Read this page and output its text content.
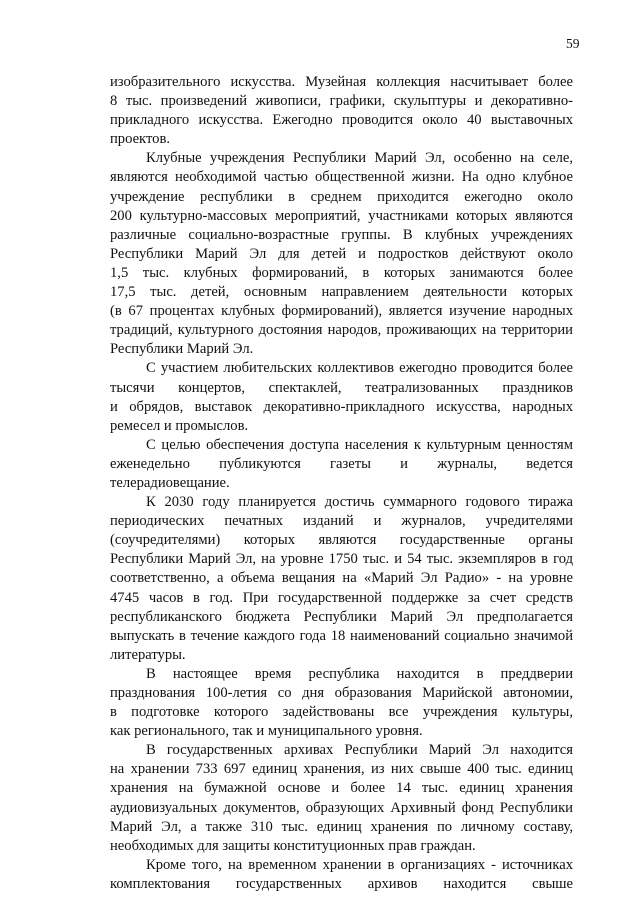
59
изобразительного искусства. Музейная коллекция насчитывает более
8 тыс. произведений живописи, графики, скульптуры и декоративно-
прикладного искусства. Ежегодно проводится около 40 выставочных
проектов.
Клубные учреждения Республики Марий Эл, особенно на селе,
являются необходимой частью общественной жизни. На одно клубное
учреждение республики в среднем приходится ежегодно около
200 культурно-массовых мероприятий, участниками которых являются
различные социально-возрастные группы. В клубных учреждениях
Республики Марий Эл для детей и подростков действуют около
1,5 тыс. клубных формирований, в которых занимаются более
17,5 тыс. детей, основным направлением деятельности которых
(в 67 процентах клубных формирований), является изучение народных
традиций, культурного достояния народов, проживающих на территории
Республики Марий Эл.
С участием любительских коллективов ежегодно проводится более
тысячи концертов, спектаклей, театрализованных праздников
и обрядов, выставок декоративно-прикладного искусства, народных
ремесел и промыслов.
С целью обеспечения доступа населения к культурным ценностям
еженедельно публикуются газеты и журналы, ведется
телерадиовещание.
К 2030 году планируется достичь суммарного годового тиража
периодических печатных изданий и журналов, учредителями
(соучредителями) которых являются государственные органы
Республики Марий Эл, на уровне 1750 тыс. и 54 тыс. экземпляров в год
соответственно, а объема вещания на «Марий Эл Радио» - на уровне
4745 часов в год. При государственной поддержке за счет средств
республиканского бюджета Республики Марий Эл предполагается
выпускать в течение каждого года 18 наименований социально значимой
литературы.
В настоящее время республика находится в преддверии
празднования 100-летия со дня образования Марийской автономии,
в подготовке которого задействованы все учреждения культуры,
как регионального, так и муниципального уровня.
В государственных архивах Республики Марий Эл находится
на хранении 733 697 единиц хранения, из них свыше 400 тыс. единиц
хранения на бумажной основе и более 14 тыс. единиц хранения
аудиовизуальных документов, образующих Архивный фонд Республики
Марий Эл, а также 310 тыс. единиц хранения по личному составу,
необходимых для защиты конституционных прав граждан.
Кроме того, на временном хранении в организациях - источниках
комплектования государственных архивов находится свыше
